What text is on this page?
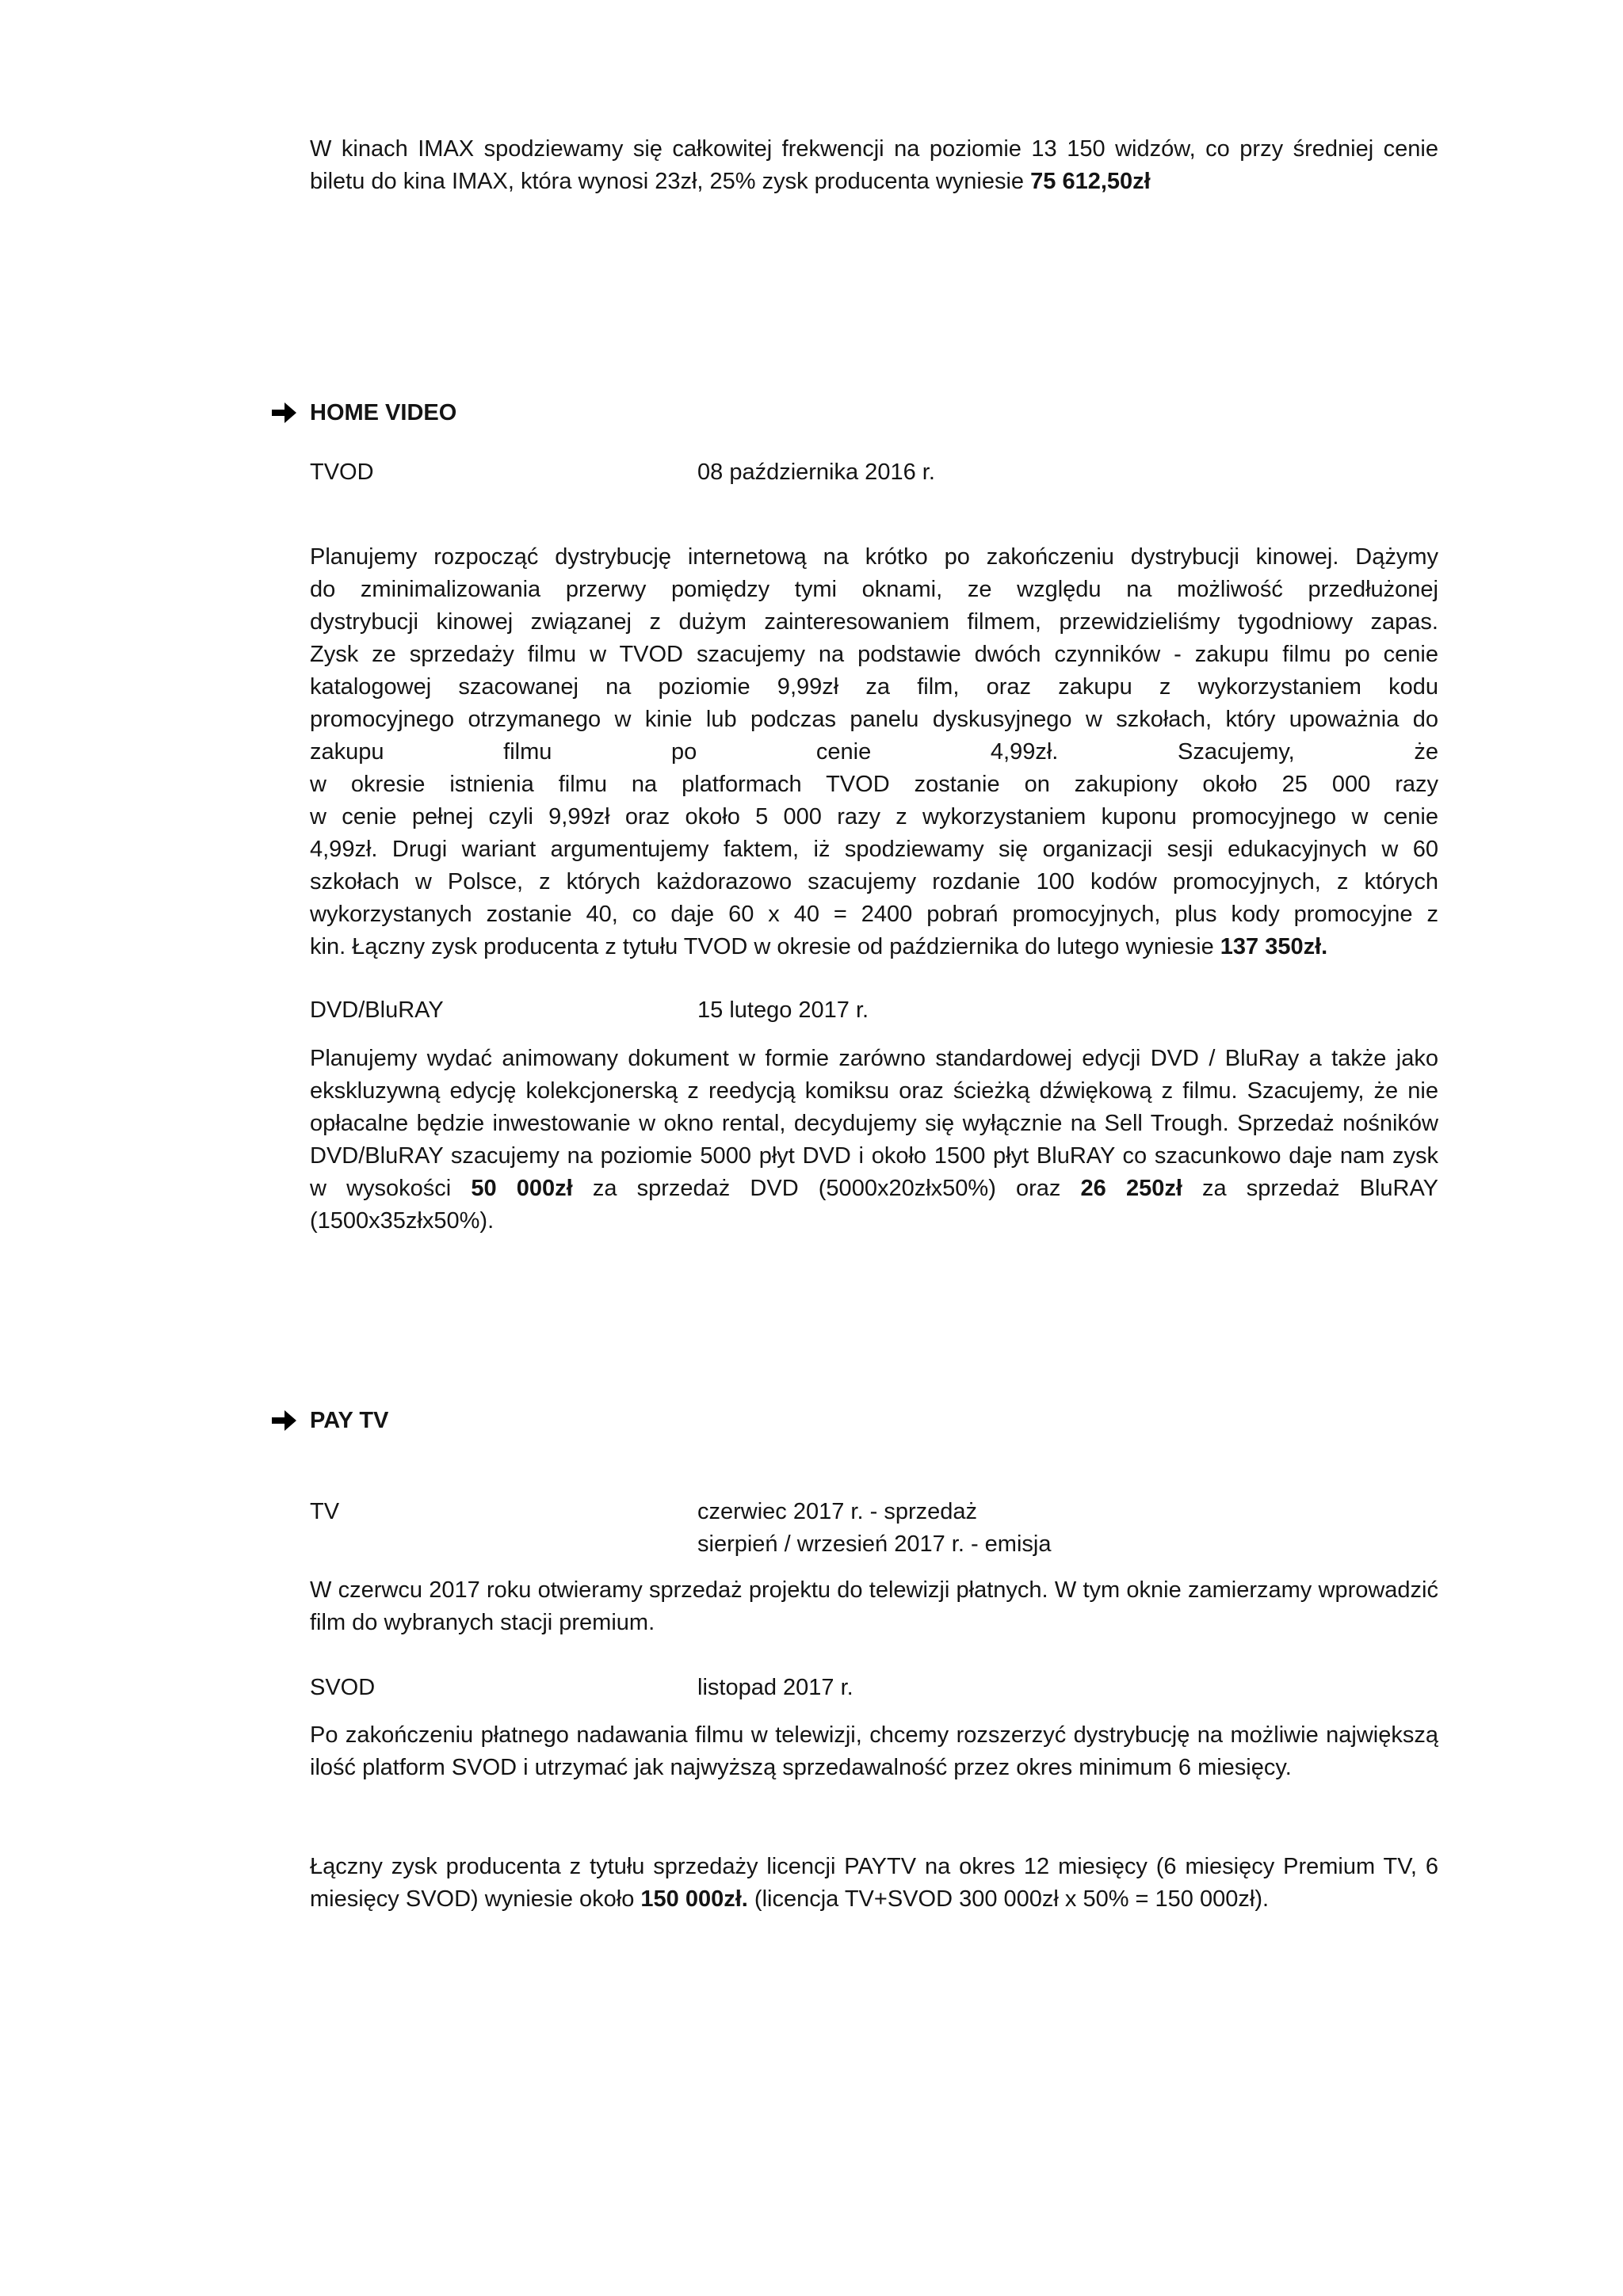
W kinach IMAX spodziewamy się całkowitej frekwencji na poziomie 13 150 widzów, co przy średniej cenie biletu do kina IMAX, która wynosi 23zł, 25% zysk producenta wyniesie 75 612,50zł

HOME VIDEO
TVOD	08 października 2016 r.

Planujemy rozpocząć dystrybucję internetową na krótko po zakończeniu dystrybucji kinowej. Dążymy

do zminimalizowania przerwy pomiędzy tymi oknami, ze względu na możliwość przedłużonej

dystrybucji kinowej związanej z dużym zainteresowaniem filmem, przewidzieliśmy tygodniowy zapas.

Zysk ze sprzedaży filmu w TVOD szacujemy na podstawie dwóch czynników - zakupu filmu po cenie

katalogowej szacowanej na poziomie 9,99zł za film, oraz zakupu z wykorzystaniem kodu

promocyjnego otrzymanego w kinie lub podczas panelu dyskusyjnego w szkołach, który upoważnia do

zakupu filmu po cenie 4,99zł. Szacujemy, że

w okresie istnienia filmu na platformach TVOD zostanie on zakupiony około 25 000 razy

w cenie pełnej czyli 9,99zł oraz około 5 000 razy z wykorzystaniem kuponu promocyjnego w cenie

4,99zł. Drugi wariant argumentujemy faktem, iż spodziewamy się organizacji sesji edukacyjnych w 60

szkołach w Polsce, z których każdorazowo szacujemy rozdanie 100 kodów promocyjnych, z których

wykorzystanych zostanie 40, co daje 60 x 40 = 2400 pobrań promocyjnych, plus kody promocyjne z

kin. Łączny zysk producenta z tytułu TVOD w okresie od października do lutego wyniesie 137 350zł.

DVD/BluRAY	15 lutego 2017 r.

Planujemy wydać animowany dokument w formie zarówno standardowej edycji DVD / BluRay a także jako ekskluzywną edycję kolekcjonerską z reedycją komiksu oraz ścieżką dźwiękową z filmu. Szacujemy, że nie opłacalne będzie inwestowanie w okno rental, decydujemy się wyłącznie na Sell Trough. Sprzedaż nośników DVD/BluRAY szacujemy na poziomie 5000 płyt DVD i około 1500 płyt BluRAY co szacunkowo daje nam zysk w wysokości 50 000zł za sprzedaż DVD (5000x20złx50%) oraz 26 250zł za sprzedaż BluRAY (1500x35złx50%).

PAY TV
TV	czerwiec 2017 r. - sprzedaż
sierpień / wrzesień 2017 r. - emisja

W czerwcu 2017 roku otwieramy sprzedaż projektu do telewizji płatnych. W tym oknie zamierzamy wprowadzić film do wybranych stacji premium.

SVOD	listopad 2017 r.

Po zakończeniu płatnego nadawania filmu w telewizji, chcemy rozszerzyć dystrybucję na możliwie największą ilość platform SVOD i utrzymać jak najwyższą sprzedawalność przez okres minimum 6 miesięcy.

Łączny zysk producenta z tytułu sprzedaży licencji PAYTV na okres 12 miesięcy (6 miesięcy Premium TV, 6 miesięcy SVOD) wyniesie około 150 000zł. (licencja TV+SVOD 300 000zł x 50% = 150 000zł).
